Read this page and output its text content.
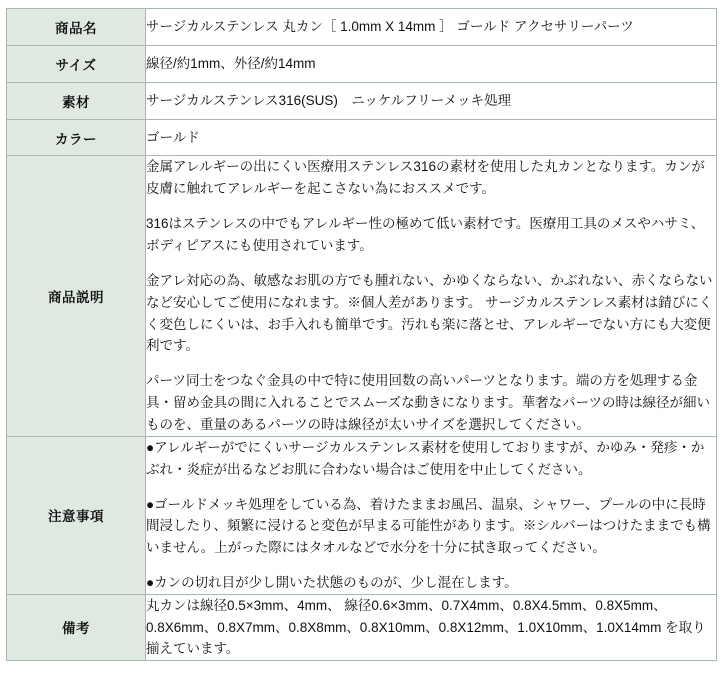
商品名	サージカルステンレス 丸カン［ 1.0mm X 14mm ］ ゴールド アクセサリーパーツ
サイズ	線径/約1mm、外径/約14mm
素材	サージカルステンレス316(SUS)　ニッケルフリーメッキ処理
カラー	ゴールド
商品説明	金属アレルギーの出にくい医療用ステンレス316の素材を使用した丸カンとなります。カンが皮膚に触れてアレルギーを起こさない為におススメです。

316はステンレスの中でもアレルギー性の極めて低い素材です。医療用工具のメスやハサミ、ボディピアスにも使用されています。

金アレ対応の為、敏感なお肌の方でも腫れない、かゆくならない、かぶれない、赤くならないなど安心してご使用になれます。※個人差があります。 サージカルステンレス素材は錆びにくく変色しにくいは、お手入れも簡単です。汚れも楽に落とせ、アレルギーでない方にも大変便利です。

パーツ同士をつなぐ金具の中で特に使用回数の高いパーツとなります。端の方を処理する金具・留め金具の間に入れることでスムーズな動きになります。華奢なパーツの時は線径が細いものを、重量のあるパーツの時は線径が太いサイズを選択してください。

注意事項	●アレルギーがでにくいサージカルステンレス素材を使用しておりますが、かゆみ・発疹・かぶれ・炎症が出るなどお肌に合わない場合はご使用を中止してください。

●ゴールドメッキ処理をしている為、着けたままお風呂、温泉、シャワー、プールの中に長時間浸したり、頻繁に浸けると変色が早まる可能性があります。※シルバーはつけたままでも構いません。上がった際にはタオルなどで水分を十分に拭き取ってください。

●カンの切れ目が少し開いた状態のものが、少し混在します。

備考	丸カンは線径0.5×3mm、4mm、 線径0.6×3mm、0.7X4mm、0.8X4.5mm、0.8X5mm、0.8X6mm、0.8X7mm、0.8X8mm、0.8X10mm、0.8X12mm、1.0X10mm、1.0X14mm を取り揃えています。
